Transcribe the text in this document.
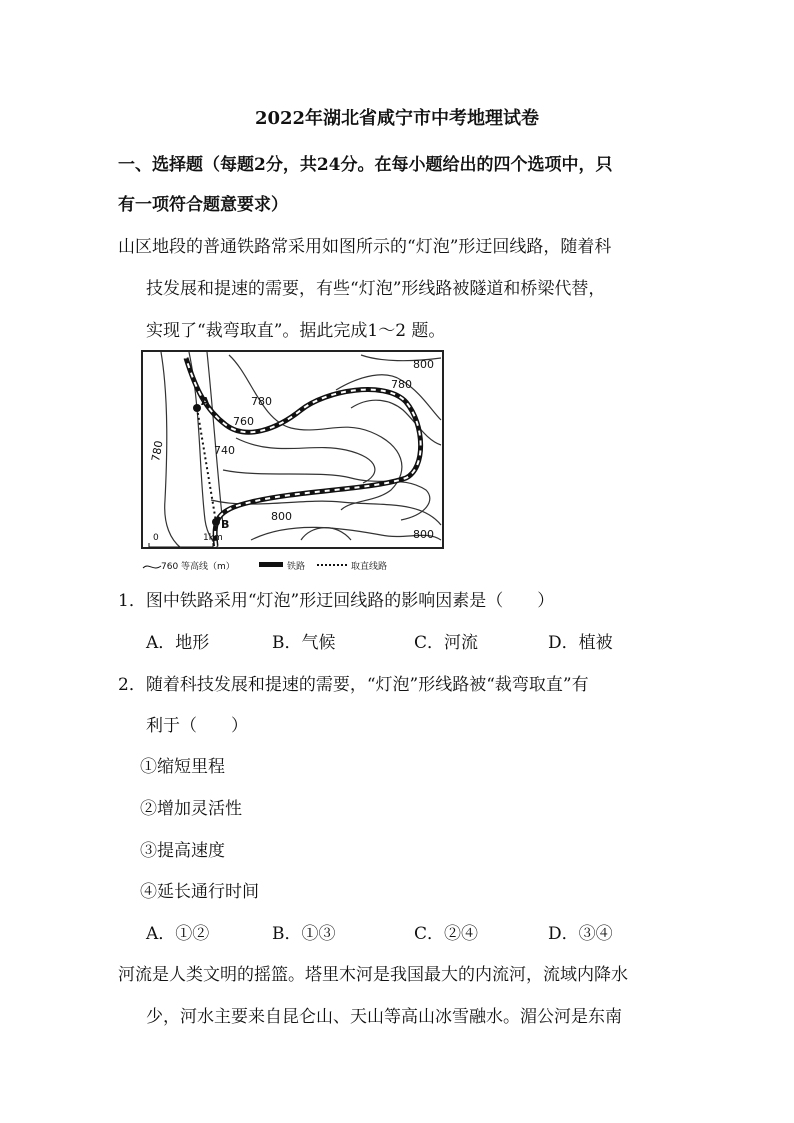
2022年湖北省咸宁市中考地理试卷
一、选择题（每题2分，共24分。在每小题给出的四个选项中，只
有一项符合题意要求）
山区地段的普通铁路常采用如图所示的“灯泡”形迂回线路，随着科
技发展和提速的需要，有些“灯泡”形线路被隧道和桥梁代替，
实现了“裁弯取直”。据此完成1～2 题。
A
B
800
780
780
760
740
780
800
800
0	1km
760 等高线（m）	铁路	取直线路
1．图中铁路采用“灯泡”形迂回线路的影响因素是（　　）
A．地形	B．气候	C．河流	D．植被
2．随着科技发展和提速的需要，“灯泡”形线路被“裁弯取直”有
利于（　　）
①缩短里程
②增加灵活性
③提高速度
④延长通行时间
A．①②	B．①③	C．②④	D．③④
河流是人类文明的摇篮。塔里木河是我国最大的内流河，流域内降水
少，河水主要来自昆仑山、天山等高山冰雪融水。湄公河是东南
